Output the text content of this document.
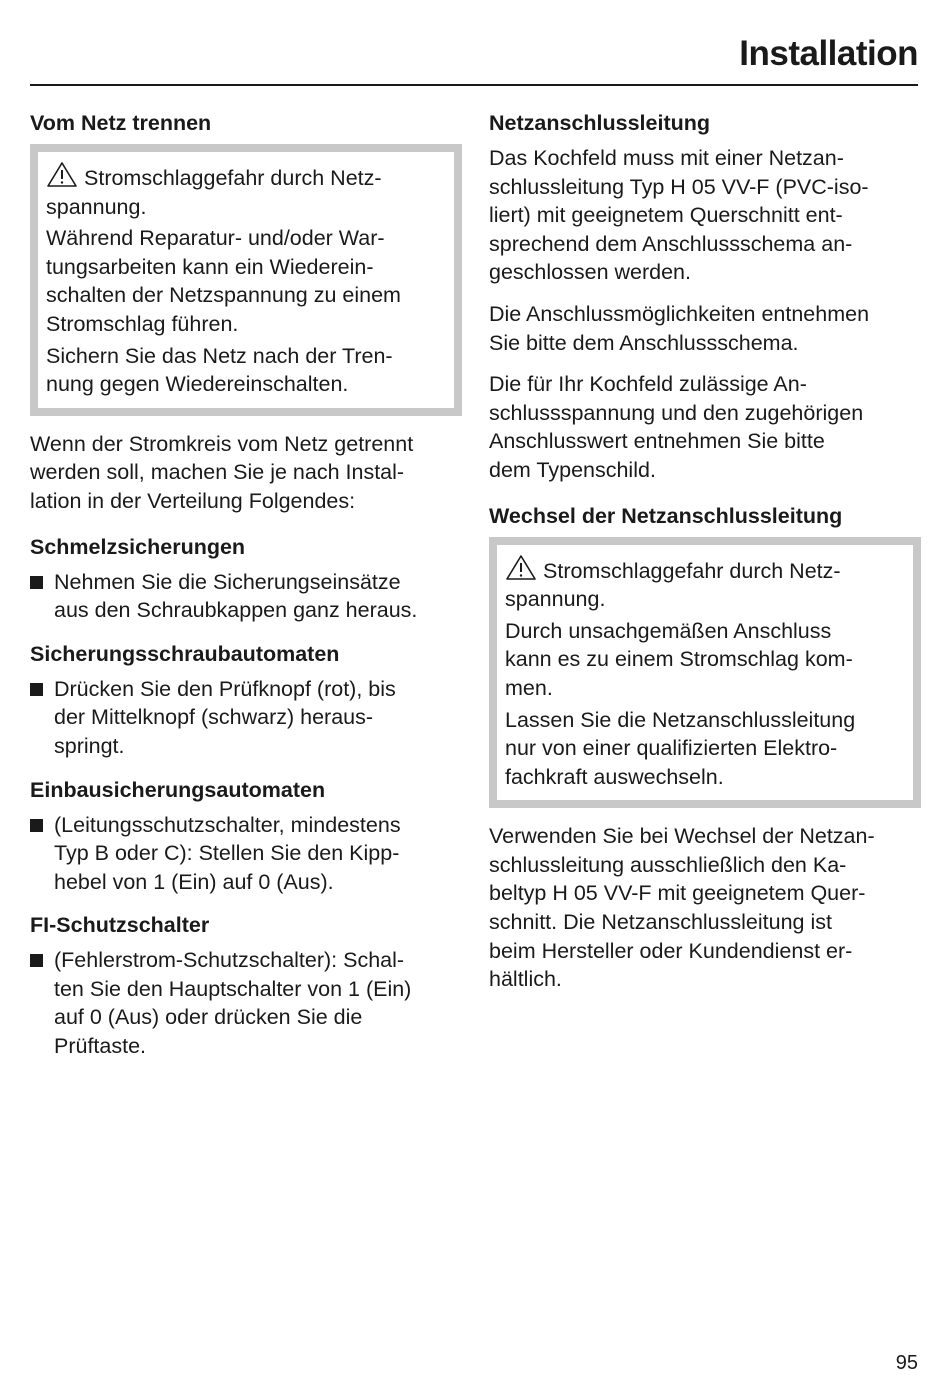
Installation
Vom Netz trennen

Stromschlaggefahr durch Netz-
spannung.

Während Reparatur- und/oder War-
tungsarbeiten kann ein Wiederein-
schalten der Netzspannung zu einem
Stromschlag führen.

Sichern Sie das Netz nach der Tren-
nung gegen Wiedereinschalten.

Wenn der Stromkreis vom Netz getrennt
werden soll, machen Sie je nach Instal-
lation in der Verteilung Folgendes:

Schmelzsicherungen
Nehmen Sie die Sicherungseinsätze
aus den Schraubkappen ganz heraus.
Sicherungsschraubautomaten
Drücken Sie den Prüfknopf (rot), bis
der Mittelknopf (schwarz) heraus-
springt.
Einbausicherungsautomaten
(Leitungsschutzschalter, mindestens
Typ B oder C): Stellen Sie den Kipp-
hebel von 1 (Ein) auf 0 (Aus).
FI-Schutzschalter
(Fehlerstrom-Schutzschalter): Schal-
ten Sie den Hauptschalter von 1 (Ein)
auf 0 (Aus) oder drücken Sie die
Prüftaste.
Netzanschlussleitung

Das Kochfeld muss mit einer Netzan-
schlussleitung Typ H 05 VV-F (PVC-iso-
liert) mit geeignetem Querschnitt ent-
sprechend dem Anschlussschema an-
geschlossen werden.

Die Anschlussmöglichkeiten entnehmen
Sie bitte dem Anschlussschema.

Die für Ihr Kochfeld zulässige An-
schlussspannung und den zugehörigen
Anschlusswert entnehmen Sie bitte
dem Typenschild.

Wechsel der Netzanschlussleitung

Stromschlaggefahr durch Netz-
spannung.

Durch unsachgemäßen Anschluss
kann es zu einem Stromschlag kom-
men.

Lassen Sie die Netzanschlussleitung
nur von einer qualifizierten Elektro-
fachkraft auswechseln.

Verwenden Sie bei Wechsel der Netzan-
schlussleitung ausschließlich den Ka-
beltyp H 05 VV-F mit geeignetem Quer-
schnitt. Die Netzanschlussleitung ist
beim Hersteller oder Kundendienst er-
hältlich.

95
